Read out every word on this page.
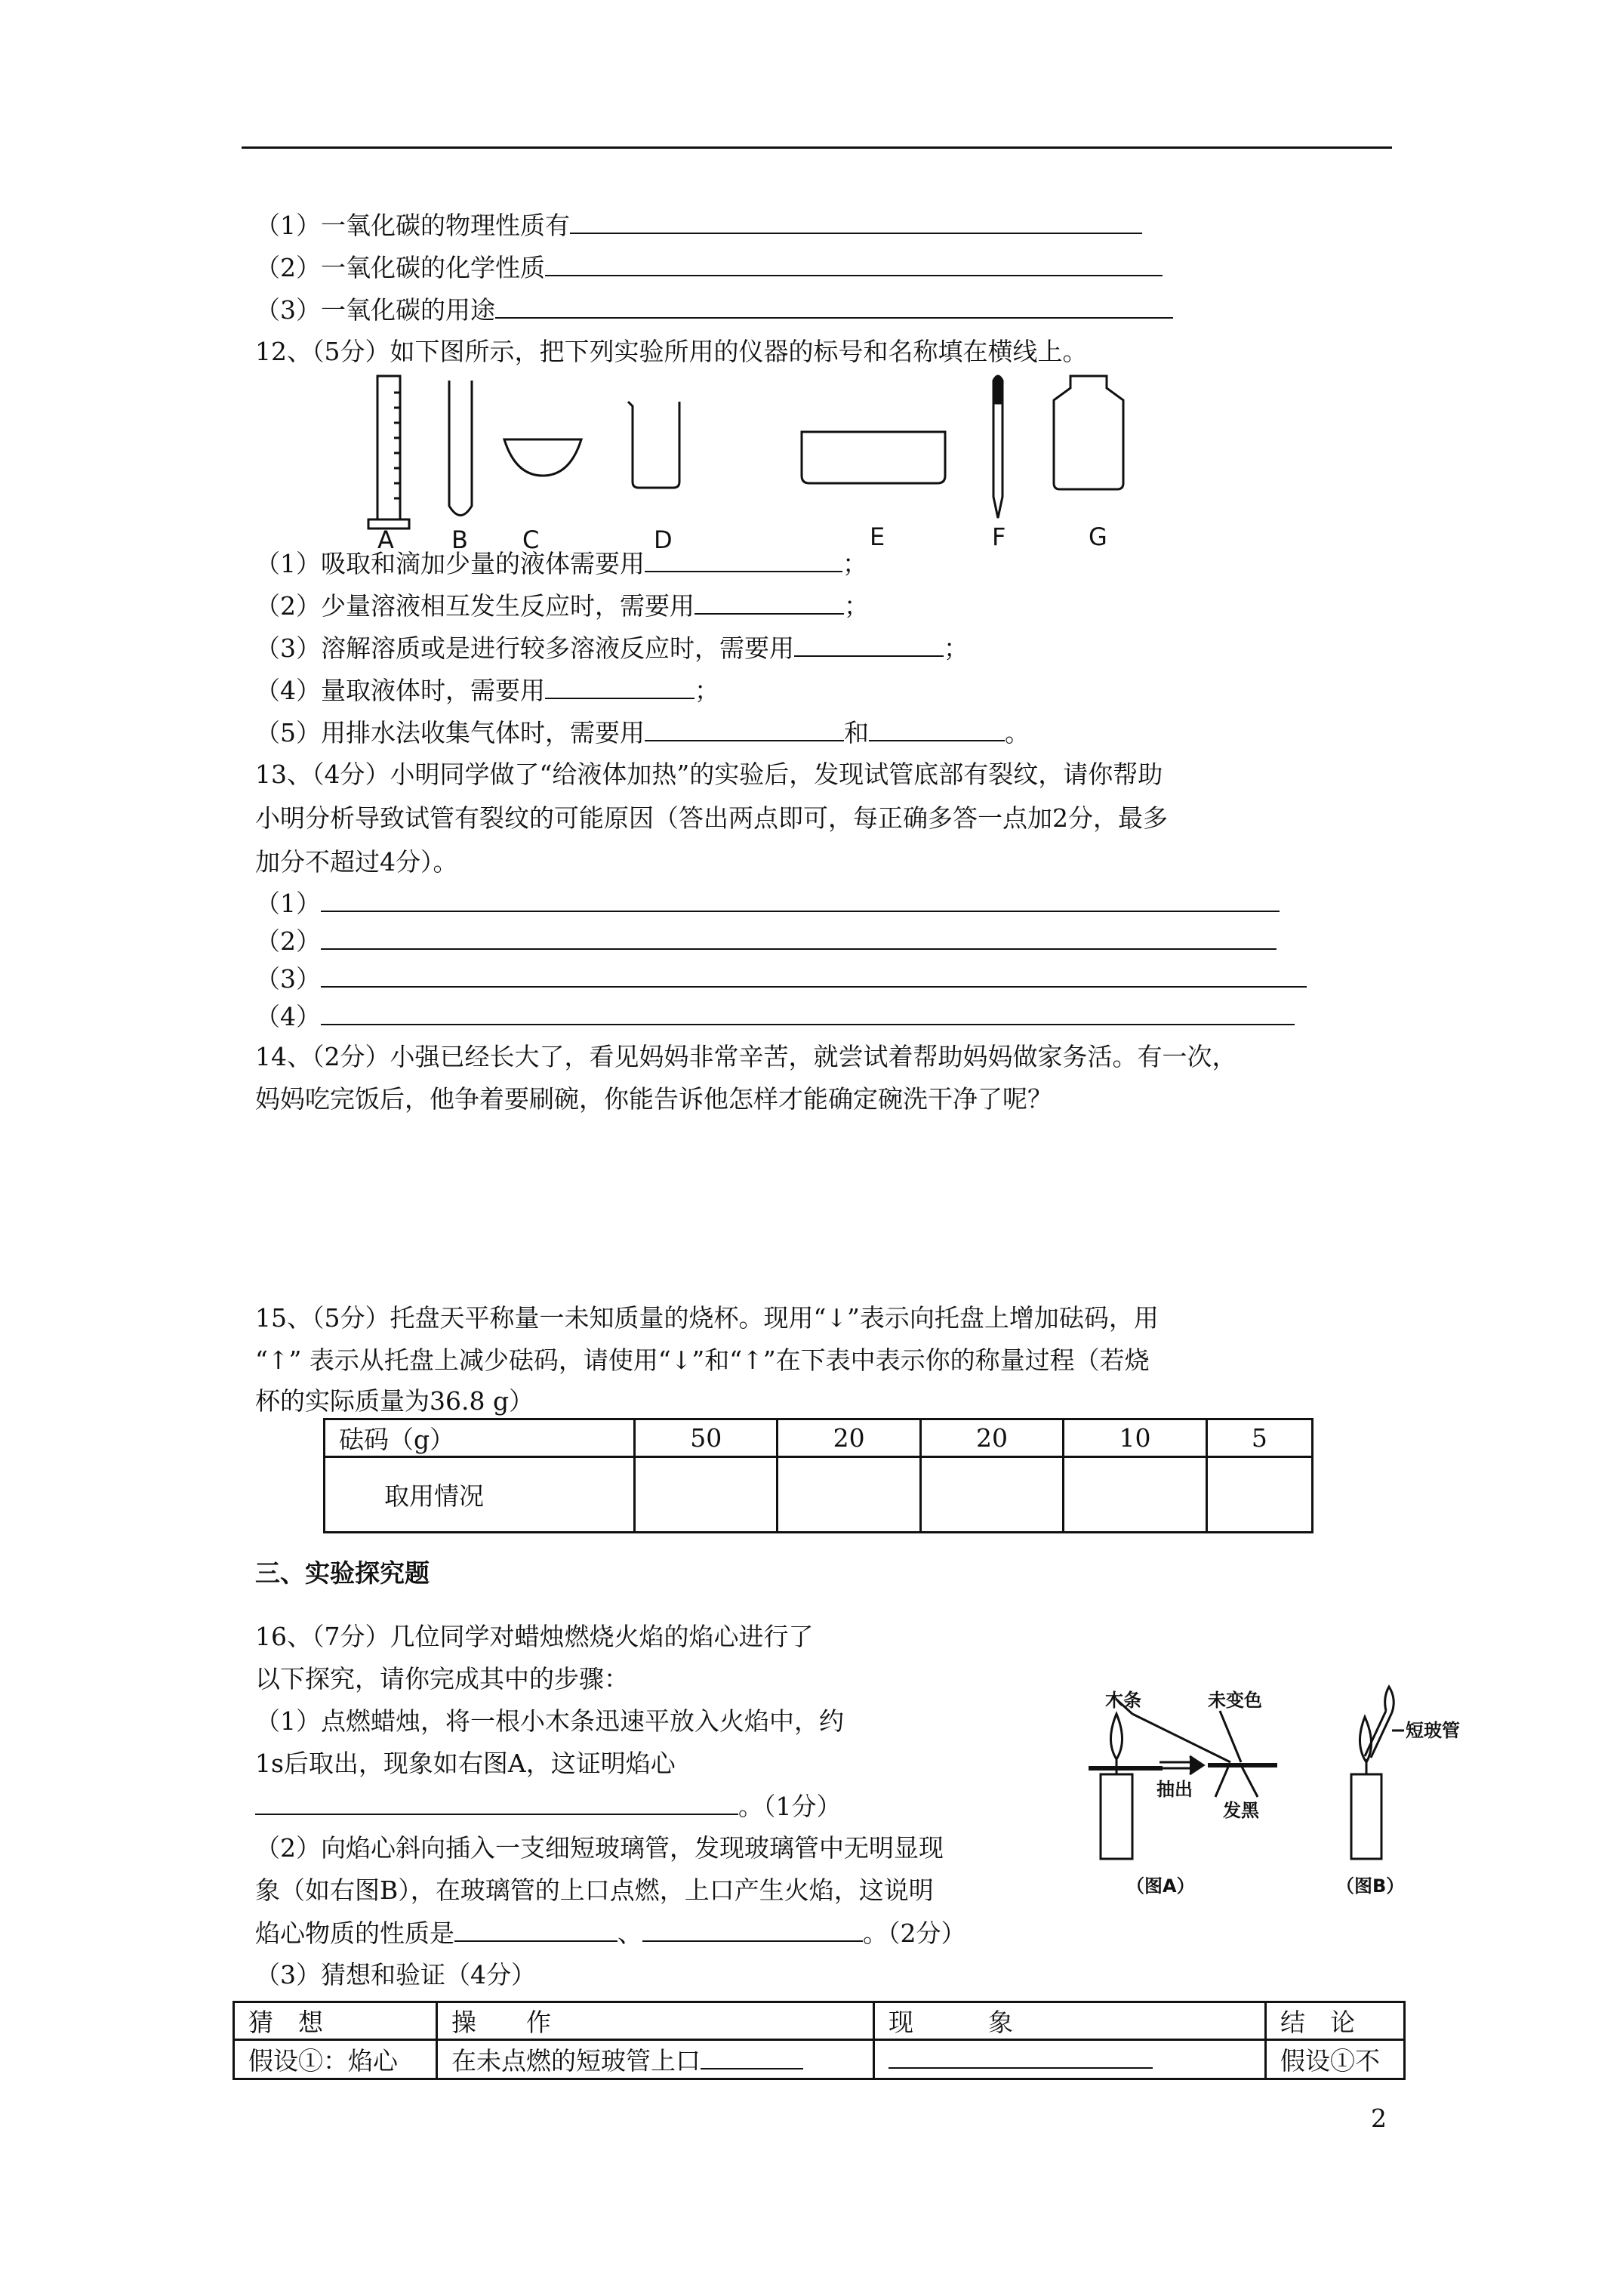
（1）一氧化碳的物理性质有
（2）一氧化碳的化学性质
（3）一氧化碳的用途
12、（5分）如下图所示，把下列实验所用的仪器的标号和名称填在横线上。
A B C	D	E	F	G
（1）吸取和滴加少量的液体需要用	；
（2）少量溶液相互发生反应时，需要用	；
（3）溶解溶质或是进行较多溶液反应时，需要用	；
（4）量取液体时，需要用	；
（5）用排水法收集气体时，需要用	和	。
13、（4分）小明同学做了“给液体加热”的实验后，发现试管底部有裂纹，请你帮助
小明分析导致试管有裂纹的可能原因（答出两点即可，每正确多答一点加2分，最多
加分不超过4分）。
（1）
（2）
（3）
（4）
14、（2分）小强已经长大了，看见妈妈非常辛苦，就尝试着帮助妈妈做家务活。有一次，
妈妈吃完饭后，他争着要刷碗，你能告诉他怎样才能确定碗洗干净了呢？
15、（5分）托盘天平称量一未知质量的烧杯。现用“↓”表示向托盘上增加砝码，用
“↑” 表示从托盘上减少砝码，请使用“↓”和“↑”在下表中表示你的称量过程（若烧
杯的实际质量为36.8 g）
砝码（g）	50	20	20	10	5
取用情况					
三、实验探究题
16、（7分）几位同学对蜡烛燃烧火焰的焰心进行了
以下探究，请你完成其中的步骤：
（1）点燃蜡烛，将一根小木条迅速平放入火焰中，约
1s后取出，现象如右图A，这证明焰心
。（1分）
（2）向焰心斜向插入一支细短玻璃管，发现玻璃管中无明显现
象（如右图B），在玻璃管的上口点燃，上口产生火焰，这说明
焰心物质的性质是	、	。（2分）
（3）猜想和验证（4分）
木条	未变色
抽出
发黑
短玻管
（图A）	（图B）
猜　想	操　　作	现　　　象	结　论
假设①：焰心	在未点燃的短玻管上口		假设①不
2
